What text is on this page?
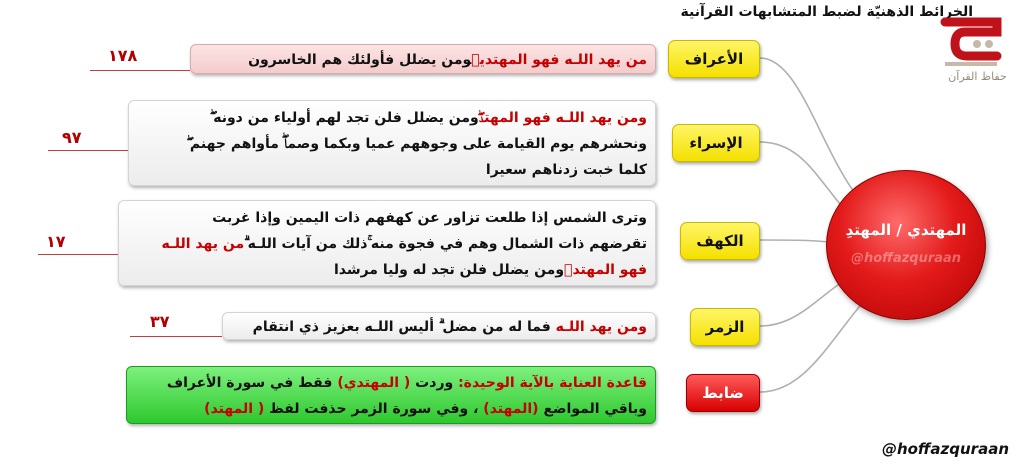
الخرائط الذهنيّة لضبط المتشابهات القرآنية
حفاظ القرآن
المهتدي / المهتدِ
@hoffazquraan
الأعراف
من يهد اللـه فهو المهتديۖومن يضلل فأولئك هم الخاسرون
١٧٨
الإسراء
ومن يهد اللـه فهو المهتدۖومن يضلل فلن تجد لهم أولياء من دونه ۖ
ونحشرهم يوم القيامة على وجوههم عميا وبكما وصماۖ مأواهم جهنم ۖ
كلما خبت زدناهم سعيرا
٩٧
الكهف
وترى الشمس إذا طلعت تزاور عن كهفهم ذات اليمين وإذا غربت
تقرضهم ذات الشمال وهم في فجوة منه ۚذلك من آيات اللـه ۗمن يهد اللـه
فهو المهتدۖومن يضلل فلن تجد له وليا مرشدا
١٧
الزمر
ومن يهد اللـه فما له من مضل ۗ أليس اللـه بعزيز ذي انتقام
٣٧
ضابط
قاعدة العناية بالآية الوحيدة: وردت ( المهتدي) فقط في سورة الأعراف
وباقي المواضع (المهتد) ، وفي سورة الزمر حذفت لفظ ( المهتد)
@hoffazquraan
